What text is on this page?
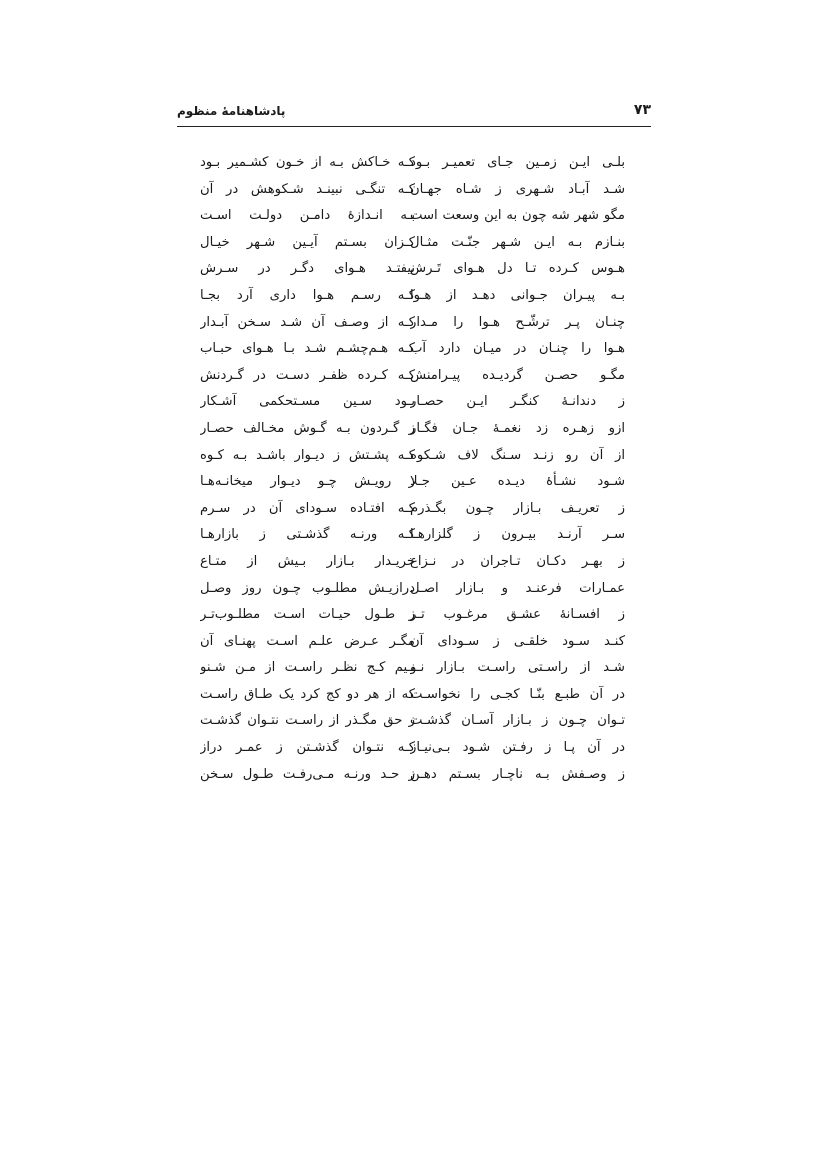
پادشاهنامهٔ منظوم	۷۳
بلـی ایـن زمـین جـای تعمیـر بـود
شـد آبـاد شـهری ز شـاه جهـان
مگو شهر شه چون به این وسعت است
بنـازم بـه ایـن شـهر جنّـت مثـال
هـوس کـرده تـا دل هـوای تَـرش
بـه پیـران جـوانی دهـد از هـوا
چنـان پـر ترشّـح هـوا را مـدار
هـوا را چنـان در میـان دارد آب
مگـو حصـن گردیـده پیـرامنش
ز دندانـهٔ کنگـر ایـن حصـار
ازو زهـره زد نغمـهٔ جـان فگـار
از آن رو زنـد سـنگ لاف شـکوه
شـود نشـأهٔ دیـده عـین جـلا
ز تعریـف بـازار چـون بگـذرم
سـر آرنـد بیـرون ز گلزارهـا
ز بهـر دکـان تـاجران در نـزاع
عمـارات فرعنـد و بـازار اصـل
ز افسـانهٔ عشـق مرغـوب تـر
کنـد سـود خلقـی ز سـودای آن
شـد از راسـتی راسـت بـازار نـو
در آن طبـع بنّـا کجـی را نخواسـت
تـوان چـون ز بـازار آسـان گذشـت
در آن پـا ز رفـتن شـود بـی‌نیـاز
ز وصـفش بـه ناچـار بسـتم دهـن
کـه خـاکش بـه از خـون کشـمیر بـود
کـه تنگـی نبینـد شـکوهش در آن
بـه انـدازهٔ دامـن دولـت اسـت
کـزان بسـتم آیـین شـهر خیـال
نیفتـد هـوای دگـر در سـرش
کـه رسـم هـوا داری آرد بجـا
کـه از وصـف آن شـد سـخن آبـدار
کـه هـم‌چشـم شـد بـا هـوای حبـاب
کـه کـرده ظفـر دسـت در گـردنش
بـود سـین مسـتحکمی آشـکار
ز گـردون بـه گـوش مخـالف حصـار
کـه پشـتش ز دیـوار باشـد بـه کـوه
ز رویـش چـو دیـوار میخانـه‌هـا
کـه افتـاده سـودای آن در سـرم
کـه ورنـه گذشـتی ز بازارهـا
خریـدار بـازار بـیش از متـاع
درازیـش مطلـوب چـون روز وصـل
ز طـول حیـات اسـت مطلـوب‌تـر
مگـر عـرض علـم اسـت پهنـای آن
نـیم کـج نظـر راسـت از مـن شـنو
که از هر دو کج کرد یک طـاق راسـت
ز حق مگـذر از راسـت نتـوان گذشـت
کـه نتـوان گذشـتن ز عمـر دراز
ز حـد ورنـه مـی‌رفـت طـول سـخن
